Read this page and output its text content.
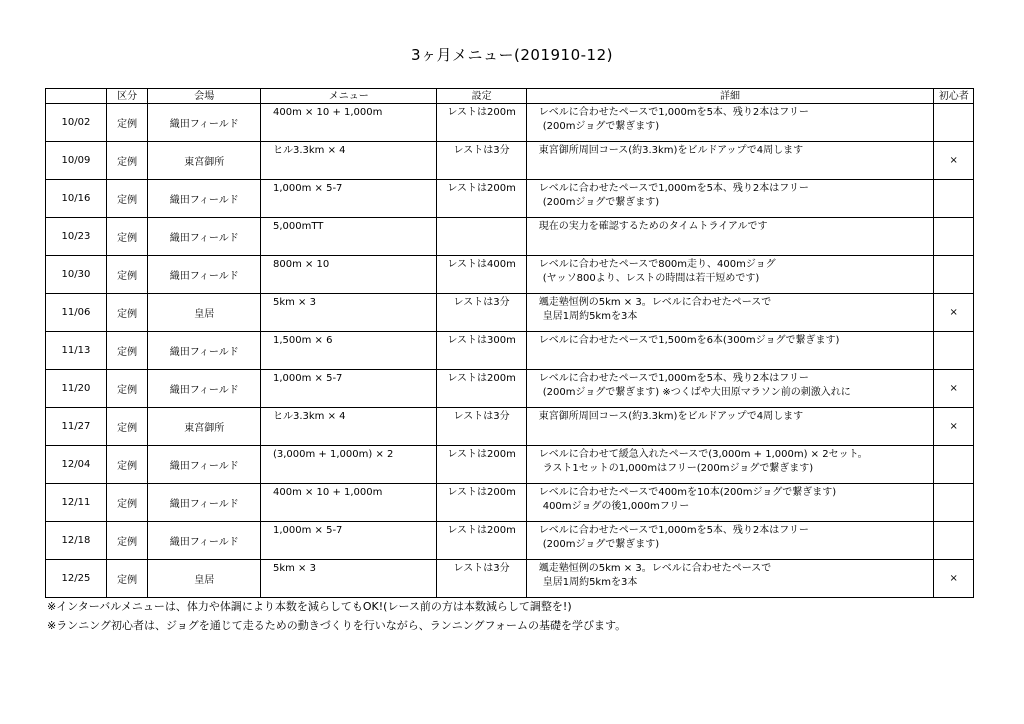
3ヶ月メニュー(201910-12)
	区分	会場	メニュー	設定	詳細	初心者
10/02	定例	織田フィールド	400m × 10 + 1,000m	レストは200m	レベルに合わせたペースで1,000mを5本、残り2本はフリー
(200mジョグで繋ぎます)	

10/09	定例	東宮御所	ヒル3.3km × 4	レストは3分	東宮御所周回コース(約3.3km)をビルドアップで4周します	×
10/16	定例	織田フィールド	1,000m × 5-7	レストは200m	レベルに合わせたペースで1,000mを5本、残り2本はフリー
(200mジョグで繋ぎます)	

10/23	定例	織田フィールド	5,000mTT		現在の実力を確認するためのタイムトライアルです	

10/30	定例	織田フィールド	800m × 10	レストは400m	レベルに合わせたペースで800m走り、400mジョグ
(ヤッソ800より、レストの時間は若干短めです)	

11/06	定例	皇居	5km × 3	レストは3分	颯走塾恒例の5km × 3。レベルに合わせたペースで
皇居1周約5kmを3本	×
11/13	定例	織田フィールド	1,500m × 6	レストは300m	レベルに合わせたペースで1,500mを6本(300mジョグで繋ぎます)	

11/20	定例	織田フィールド	1,000m × 5-7	レストは200m	レベルに合わせたペースで1,000mを5本、残り2本はフリー
(200mジョグで繋ぎます) ※つくばや大田原マラソン前の刺激入れに	×
11/27	定例	東宮御所	ヒル3.3km × 4	レストは3分	東宮御所周回コース(約3.3km)をビルドアップで4周します	×
12/04	定例	織田フィールド	(3,000m + 1,000m) × 2	レストは200m	レベルに合わせて緩急入れたペースで(3,000m + 1,000m) × 2セット。
ラスト1セットの1,000mはフリー(200mジョグで繋ぎます)	

12/11	定例	織田フィールド	400m × 10 + 1,000m	レストは200m	レベルに合わせたペースで400mを10本(200mジョグで繋ぎます)
400mジョグの後1,000mフリー	

12/18	定例	織田フィールド	1,000m × 5-7	レストは200m	レベルに合わせたペースで1,000mを5本、残り2本はフリー
(200mジョグで繋ぎます)	

12/25	定例	皇居	5km × 3	レストは3分	颯走塾恒例の5km × 3。レベルに合わせたペースで
皇居1周約5kmを3本	×
※インターバルメニューは、体力や体調により本数を減らしてもOK!(レース前の方は本数減らして調整を!)
※ランニング初心者は、ジョグを通じて走るための動きづくりを行いながら、ランニングフォームの基礎を学びます。
